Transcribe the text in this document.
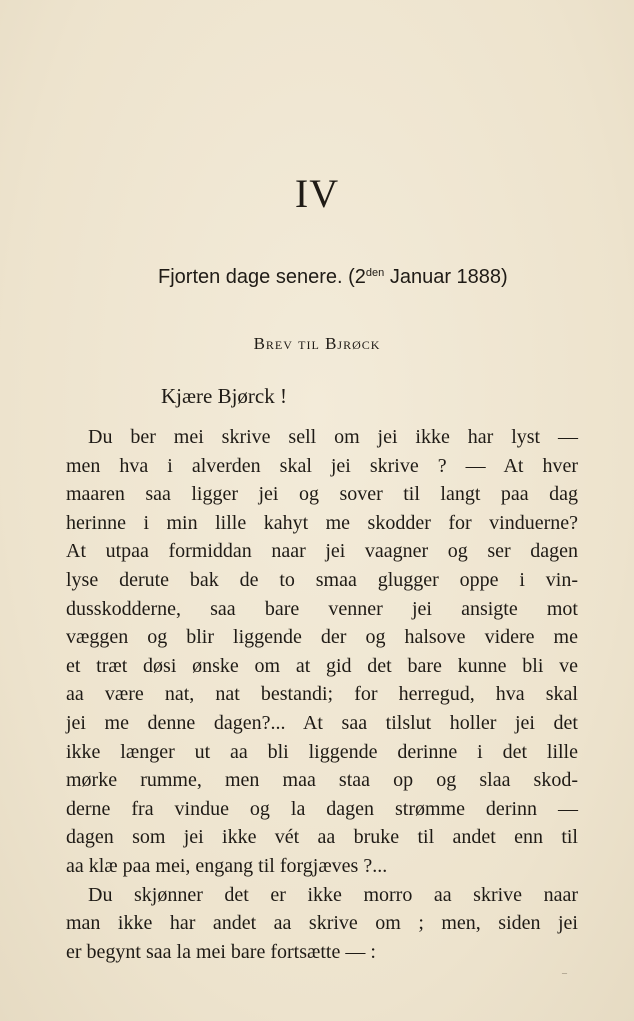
IV
Fjorten dage senere. ($2^{den}$ Januar 1888)
Brev til Bjrøck
Kjære Bjørck !
Du ber mei skrive sell om jei ikke har lyst —
men hva i alverden skal jei skrive ? — At hver
maaren saa ligger jei og sover til langt paa dag
herinne i min lille kahyt me skodder for vinduerne?
At utpaa formiddan naar jei vaagner og ser dagen
lyse derute bak de to smaa glugger oppe i vin-
dusskodderne, saa bare venner jei ansigte mot
væggen og blir liggende der og halsove videre me
et træt døsi ønske om at gid det bare kunne bli ve
aa være nat, nat bestandi; for herregud, hva skal
jei me denne dagen?... At saa tilslut holler jei det
ikke længer ut aa bli liggende derinne i det lille
mørke rumme, men maa staa op og slaa skod-
derne fra vindue og la dagen strømme derinn —
dagen som jei ikke vét aa bruke til andet enn til
aa klæ paa mei, engang til forgjæves ?...
Du skjønner det er ikke morro aa skrive naar
man ikke har andet aa skrive om ; men, siden jei
er begynt saa la mei bare fortsætte — :
–
